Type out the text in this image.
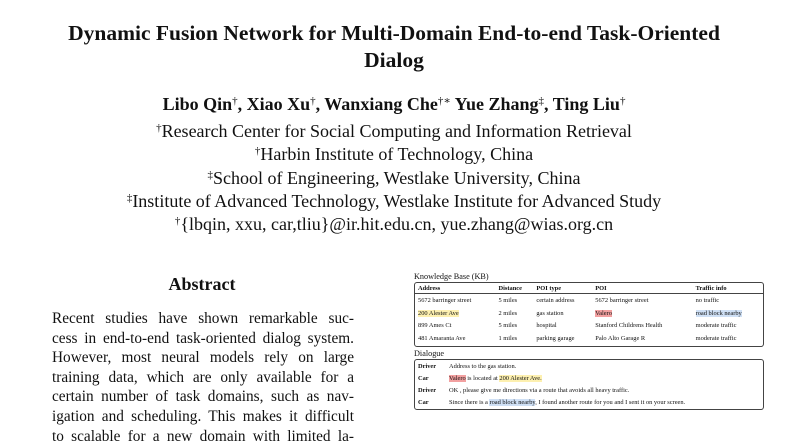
Dynamic Fusion Network for Multi-Domain End-to-end Task-Oriented
Dialog
Libo Qin†, Xiao Xu†, Wanxiang Che†∗ Yue Zhang‡, Ting Liu†
†Research Center for Social Computing and Information Retrieval
†Harbin Institute of Technology, China
‡School of Engineering, Westlake University, China
‡Institute of Advanced Technology, Westlake Institute for Advanced Study
†{lbqin, xxu, car,tliu}@ir.hit.edu.cn, yue.zhang@wias.org.cn
Abstract
Recent studies have shown remarkable suc-
cess in end-to-end task-oriented dialog system.
However, most neural models rely on large
training data, which are only available for a
certain number of task domains, such as nav-
igation and scheduling. This makes it difficult
to scalable for a new domain with limited la-
Knowledge Base (KB)
Address	Distance	POI type	POI	Traffic info
5672 barringer street	5 miles	certain address	5672 barringer street	no traffic
200 Alester Ave	2 miles	gas station	Valero	road block nearby
899 Ames Ct	5 miles	hospital	Stanford Childrens Health	moderate traffic
481 Amaranta Ave	1 miles	parking garage	Palo Alto Garage R	moderate traffic
Dialogue
Driver	Address to the gas station.
Car	Valero is located at 200 Alester Ave.
Driver	OK , please give me directions via a route that avoids all heavy traffic.
Car	Since there is a road block nearby, I found another route for you and I sent it on your screen.
